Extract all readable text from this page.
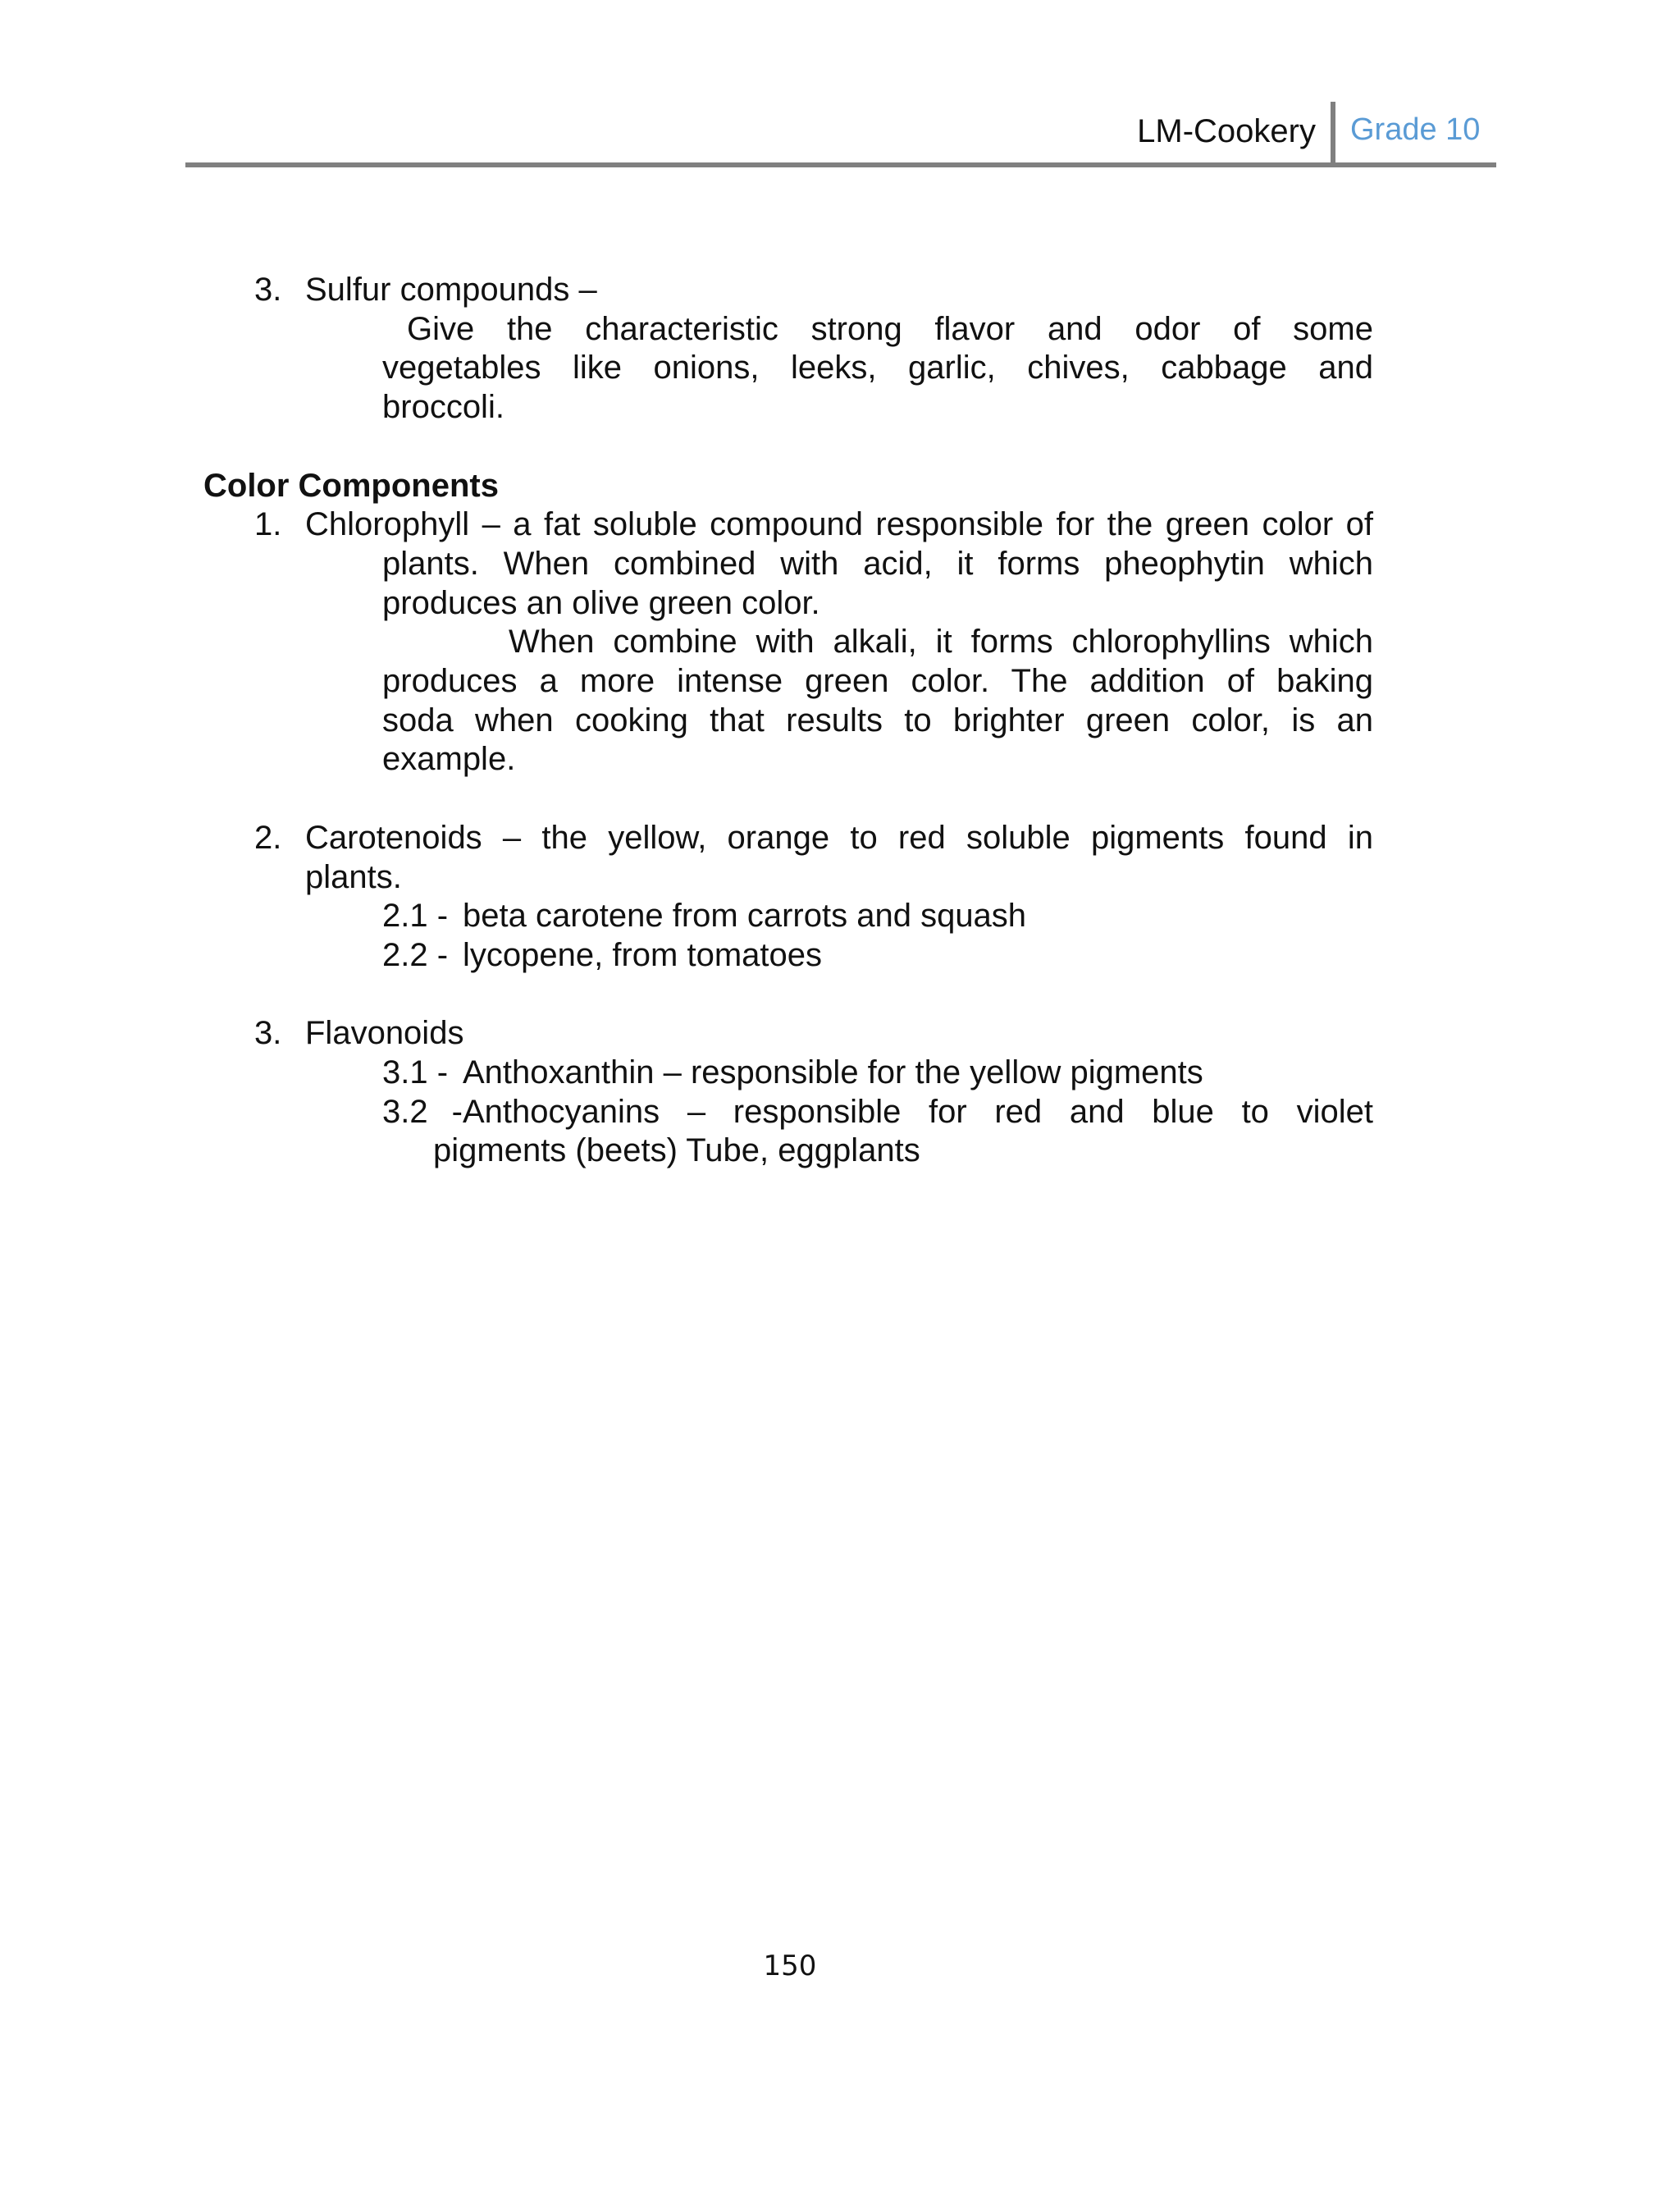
LM-Cookery Grade 10
3. Sulfur compounds –
Give the characteristic strong flavor and odor of some
vegetables like onions, leeks, garlic, chives, cabbage and
broccoli.
Color Components
1. Chlorophyll – a fat soluble compound responsible for the green color of
plants. When combined with acid, it forms pheophytin which
produces an olive green color.
When combine with alkali, it forms chlorophyllins which
produces a more intense green color. The addition of baking
soda when cooking that results to brighter green color, is an
example.
2. Carotenoids – the yellow, orange to red soluble pigments found in
plants.
2.1 - beta carotene from carrots and squash
2.2 - lycopene, from tomatoes
3. Flavonoids
3.1 - Anthoxanthin – responsible for the yellow pigments
3.2 -Anthocyanins – responsible for red and blue to violet
pigments (beets) Tube, eggplants
150
